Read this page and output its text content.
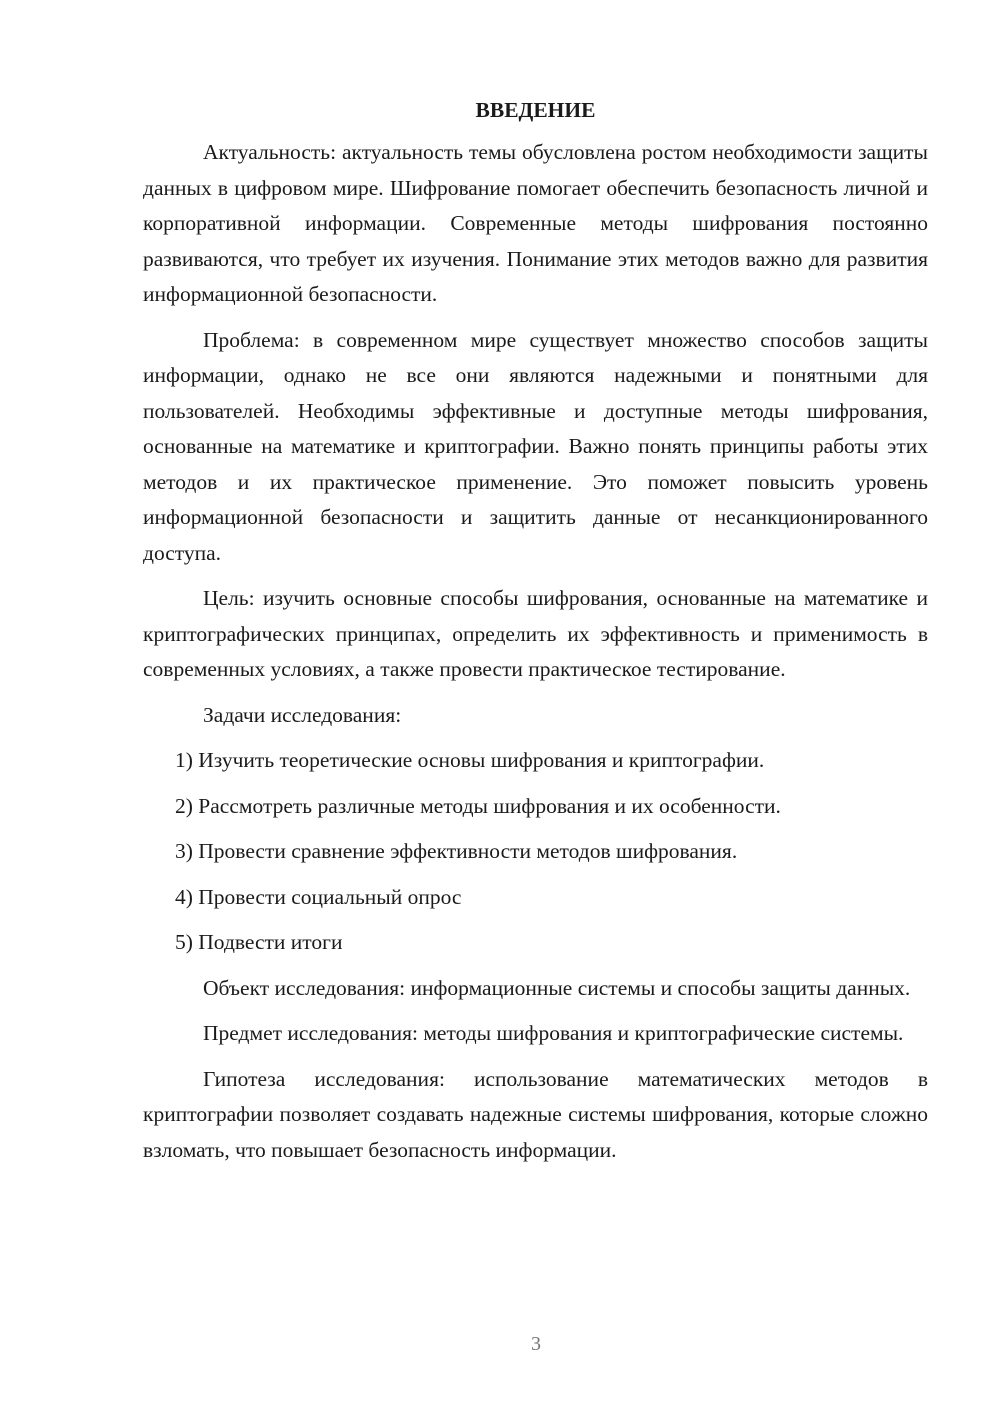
ВВЕДЕНИЕ

Актуальность: актуальность темы обусловлена ростом необходимости защиты данных в цифровом мире. Шифрование помогает обеспечить безопасность личной и корпоративной информации. Современные методы шифрования постоянно развиваются, что требует их изучения. Понимание этих методов важно для развития информационной безопасности.

Проблема: в современном мире существует множество способов защиты информации, однако не все они являются надежными и понятными для пользователей. Необходимы эффективные и доступные методы шифрования, основанные на математике и криптографии. Важно понять принципы работы этих методов и их практическое применение. Это поможет повысить уровень информационной безопасности и защитить данные от несанкционированного доступа.

Цель: изучить основные способы шифрования, основанные на математике и криптографических принципах, определить их эффективность и применимость в современных условиях, а также провести практическое тестирование.

Задачи исследования:

1) Изучить теоретические основы шифрования и криптографии.
2) Рассмотреть различные методы шифрования и их особенности.
3) Провести сравнение эффективности методов шифрования.
4) Провести социальный опрос
5) Подвести итоги

Объект исследования: информационные системы и способы защиты данных.

Предмет исследования: методы шифрования и криптографические системы.

Гипотеза исследования: использование математических методов в криптографии позволяет создавать надежные системы шифрования, которые сложно взломать, что повышает безопасность информации.

3
